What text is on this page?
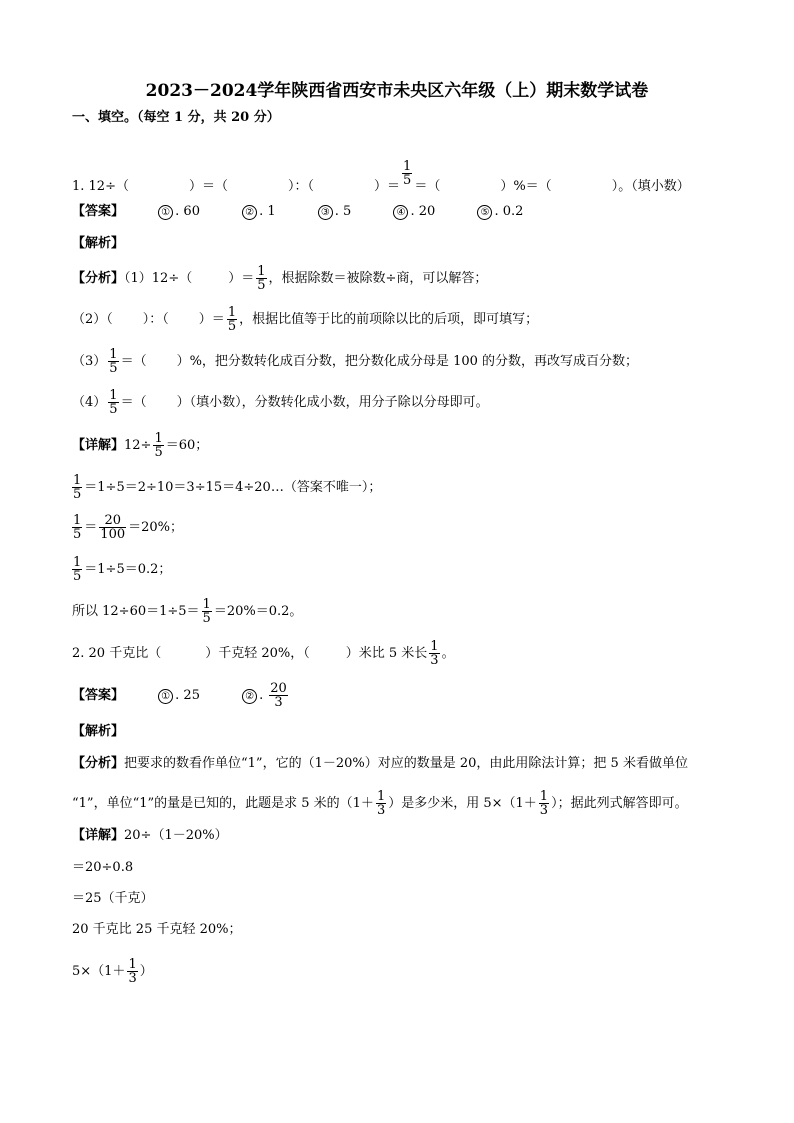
2023－2024学年陕西省西安市未央区六年级（上）期末数学试卷
一、填空。（每空 1 分，共 20 分）
1. 12÷（	）＝（	）：（	）＝ $\frac{1}{5}$ ＝（	）%＝（	）。（填小数）
【答案】	① . 60	② . 1	③ . 5	④ . 20	⑤ . 0.2
【解析】
【分析】（1）12÷（	）＝ $\frac{1}{5}$ ，根据除数＝被除数÷商，可以解答；
（2）（ ）：（ ）＝ $\frac{1}{5}$ ，根据比值等于比的前项除以比的后项，即可填写；
$(3) \frac{1}{5}$ ＝（ ）%，把分数转化成百分数，把分数化成分母是 100 的分数，再改写成百分数；
$(4) \frac{1}{5}$ ＝（ ）（填小数），分数转化成小数，用分子除以分母即可。
【详解】$12\div \frac{1}{5} =60$；
$\frac{1}{5}$ ＝1÷5＝2÷10＝3÷15＝4÷20…（答案不唯一）；
$\frac{1}{5} = \frac{20}{100} =20\%$；
$\frac{1}{5} =1\div 5=0.2$；
所以 $12\div 60=1\div 5= \frac{1}{5} =20\%=0.2$。
2. 20 千克比（	）千克轻 20%，（	）米比 5 米长 $\frac{1}{3}$ 。
【答案】	① . 25	② . $\frac{20}{3}$
【解析】
【分析】把要求的数看作单位“1”，它的（1－20%）对应的数量是 20，由此用除法计算；把 5 米看做单位
“1”，单位“1”的量是已知的，此题是求 5 米的（$1+ \frac{1}{3}$ ）是多少米，用 $5\times(1+ \frac{1}{3}$ ）；据此列式解答即可。
【详解】20÷（1－20%）
＝20÷0.8
＝25（千克）
20 千克比 25 千克轻 20%；
$5\times(1+ \frac{1}{3}$ ）
